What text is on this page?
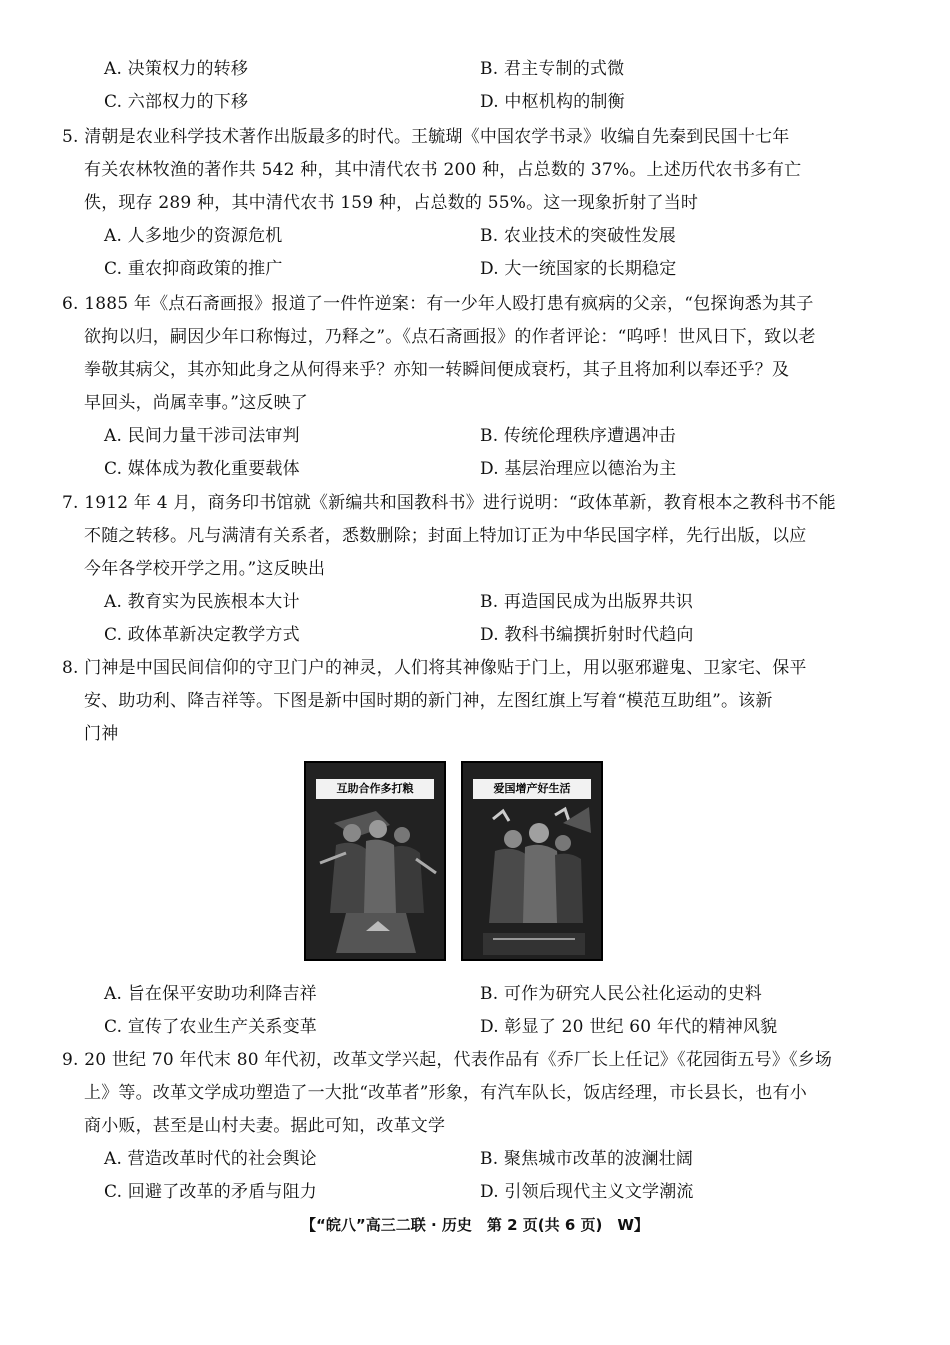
A. 决策权力的转移	B. 君主专制的式微
C. 六部权力的下移	D. 中枢机构的制衡
5. 清朝是农业科学技术著作出版最多的时代。王毓瑚《中国农学书录》收编自先秦到民国十七年
有关农林牧渔的著作共 542 种，其中清代农书 200 种，占总数的 37%。上述历代农书多有亡
佚，现存 289 种，其中清代农书 159 种，占总数的 55%。这一现象折射了当时
A. 人多地少的资源危机	B. 农业技术的突破性发展
C. 重农抑商政策的推广	D. 大一统国家的长期稳定
6. 1885 年《点石斋画报》报道了一件忤逆案：有一少年人殴打患有疯病的父亲，“包探询悉为其子
欲拘以归，嗣因少年口称悔过，乃释之”。《点石斋画报》的作者评论：“呜呼！世风日下，致以老
拳敬其病父，其亦知此身之从何得来乎？亦知一转瞬间便成衰朽，其子且将加利以奉还乎？及
早回头，尚属幸事。”这反映了
A. 民间力量干涉司法审判	B. 传统伦理秩序遭遇冲击
C. 媒体成为教化重要载体	D. 基层治理应以德治为主
7. 1912 年 4 月，商务印书馆就《新编共和国教科书》进行说明：“政体革新，教育根本之教科书不能
不随之转移。凡与满清有关系者，悉数删除；封面上特加订正为中华民国字样，先行出版，以应
今年各学校开学之用。”这反映出
A. 教育实为民族根本大计	B. 再造国民成为出版界共识
C. 政体革新决定教学方式	D. 教科书编撰折射时代趋向
8. 门神是中国民间信仰的守卫门户的神灵，人们将其神像贴于门上，用以驱邪避鬼、卫家宅、保平
安、助功利、降吉祥等。下图是新中国时期的新门神，左图红旗上写着“模范互助组”。该新
门神
互助合作多打粮	爱国增产好生活
A. 旨在保平安助功利降吉祥	B. 可作为研究人民公社化运动的史料
C. 宣传了农业生产关系变革	D. 彰显了 20 世纪 60 年代的精神风貌
9. 20 世纪 70 年代末 80 年代初，改革文学兴起，代表作品有《乔厂长上任记》《花园街五号》《乡场
上》等。改革文学成功塑造了一大批“改革者”形象，有汽车队长，饭店经理，市长县长，也有小
商小贩，甚至是山村夫妻。据此可知，改革文学
A. 营造改革时代的社会舆论	B. 聚焦城市改革的波澜壮阔
C. 回避了改革的矛盾与阻力	D. 引领后现代主义文学潮流
【“皖八”高三二联 · 历史　第 2 页(共 6 页)　W】
